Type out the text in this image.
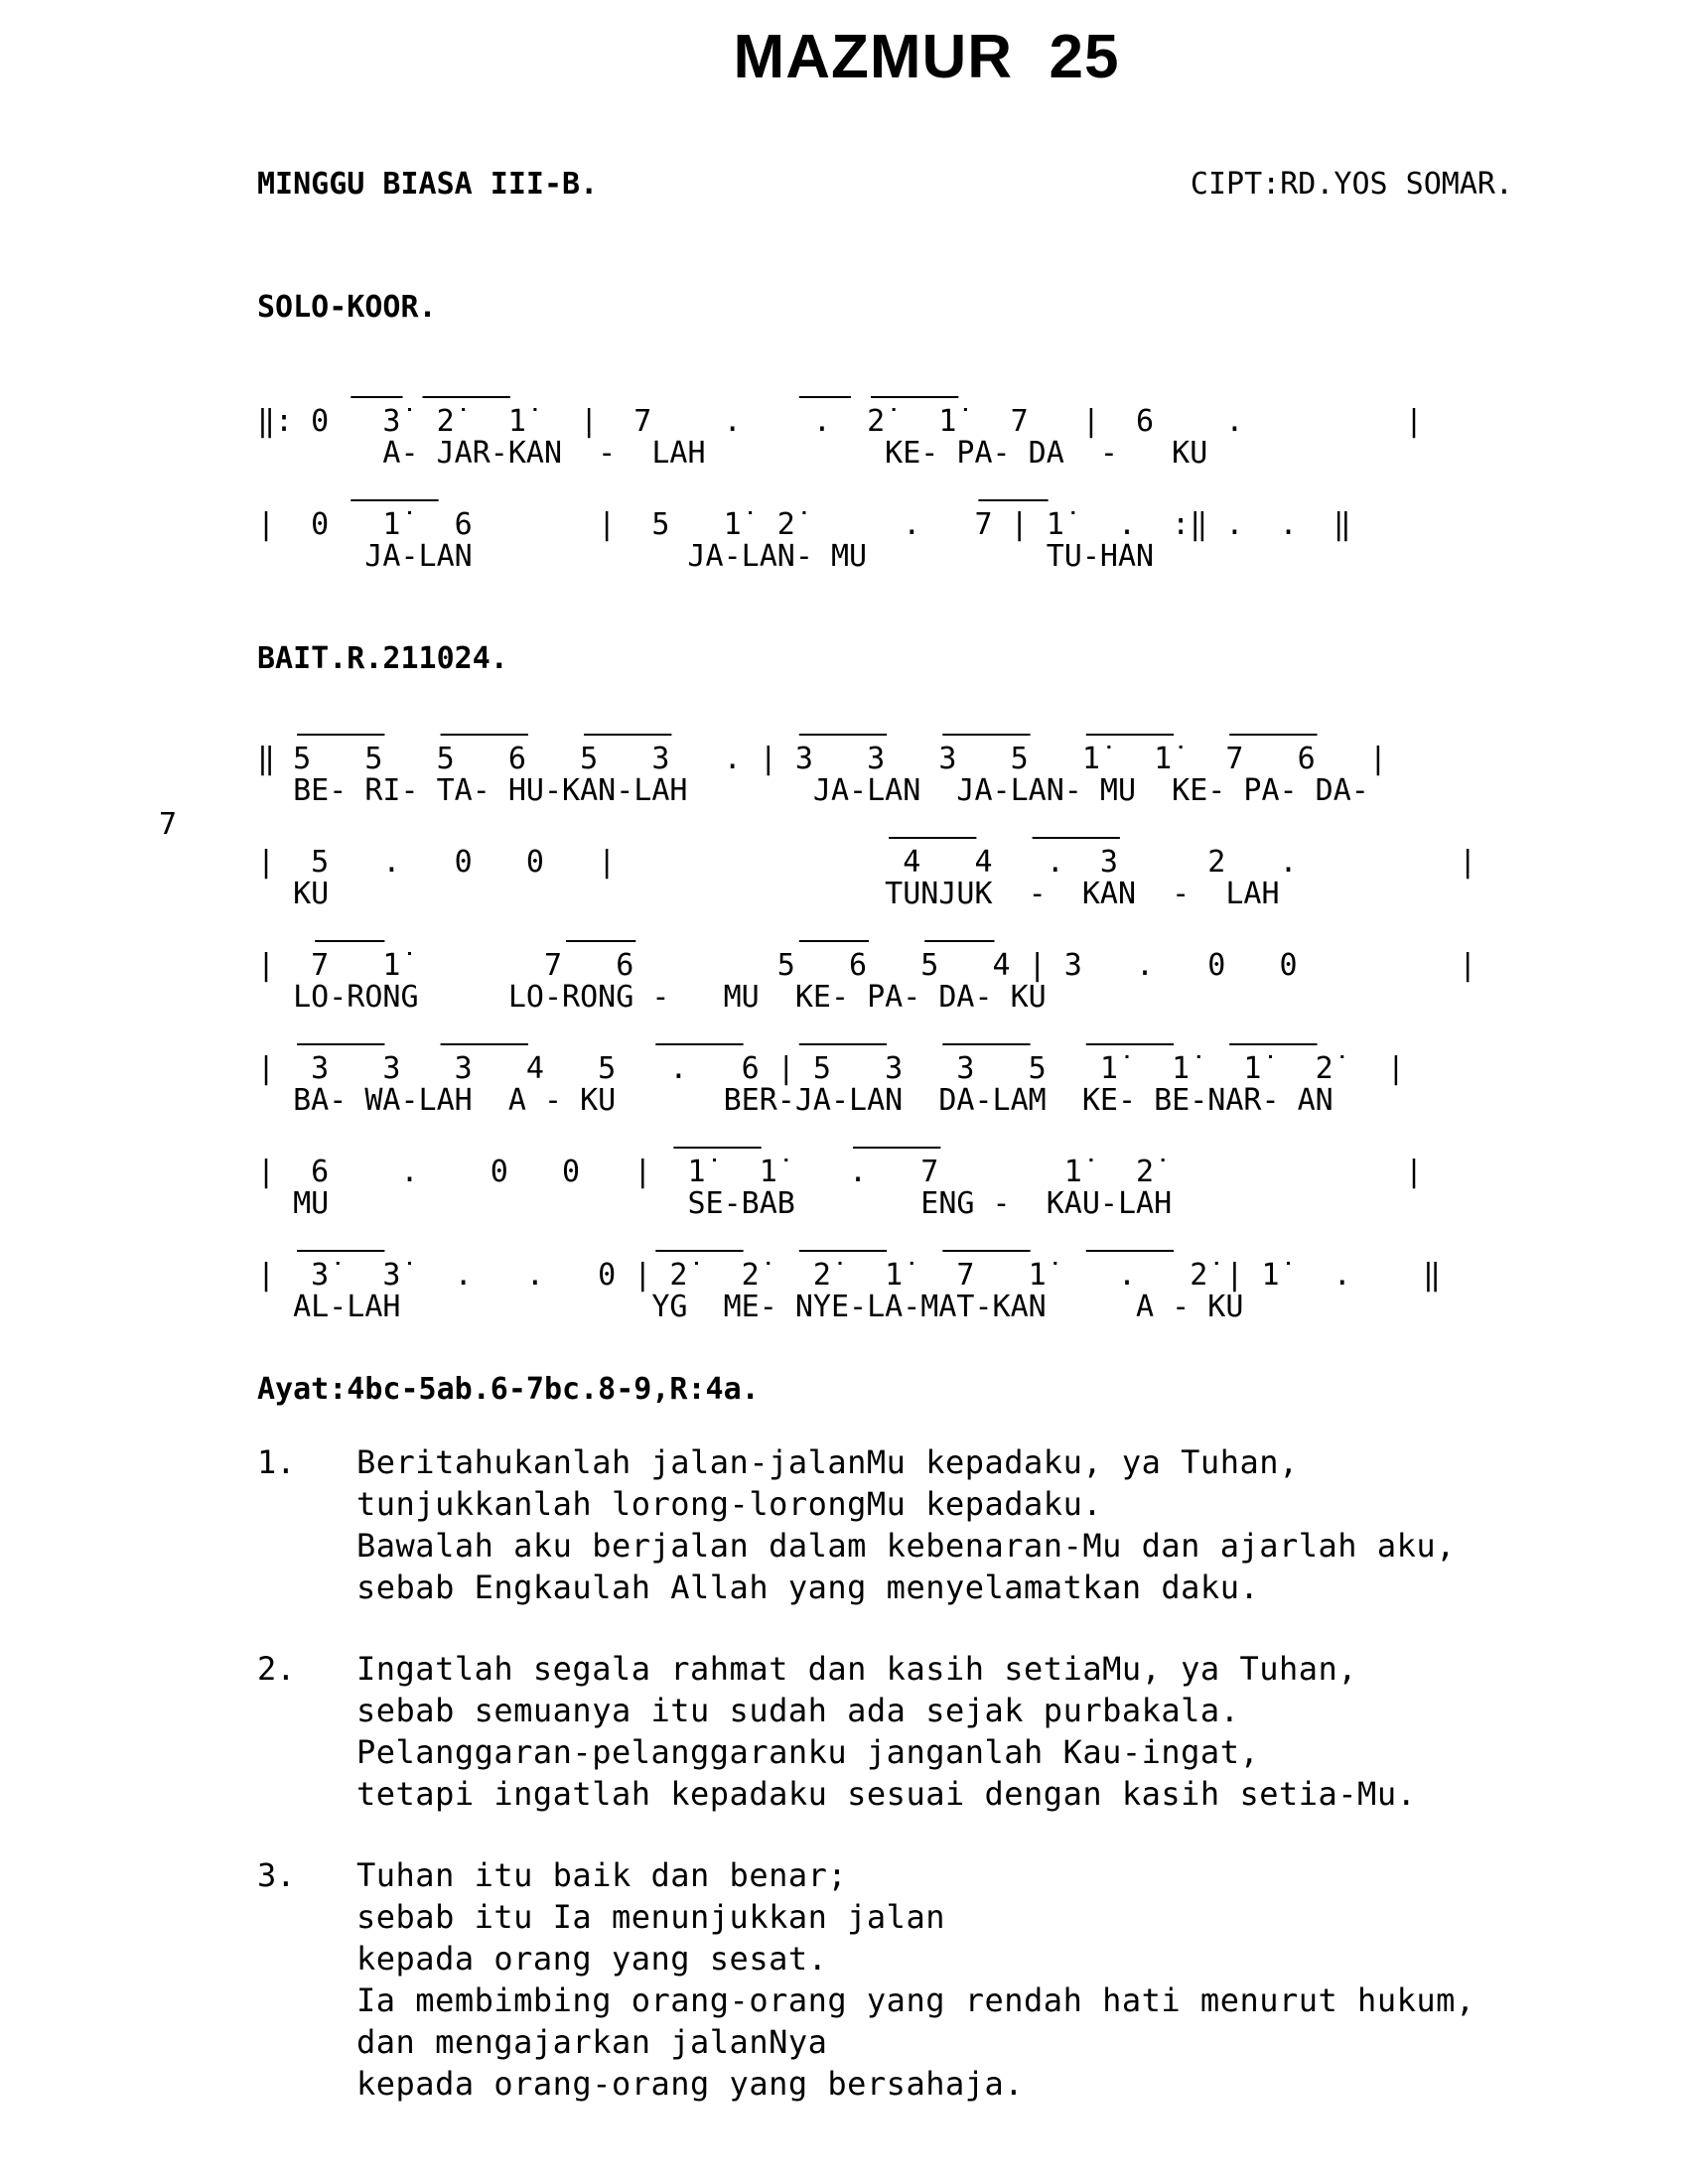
MAZMUR  25
MINGGU BIASA III-B.	CIPT:RD.YOS SOMAR.
SOLO-KOOR.
‖: 0   3̇  2̇   1̇   |  7    .    .  2̇   1̇   7   |  6    .         |
A- JAR-KAN  -  LAH          KE- PA- DA  -   KU
|  0   1̇   6       |  5   1̇  2̇      .   7 | 1̇   .  :‖ .  .  ‖
JA-LAN            JA-LAN- MU          TU-HAN
BAIT.R.211024.
7
‖ 5   5   5   6   5   3   . | 3   3   3   5   1̇   1̇   7   6   |
BE- RI- TA- HU-KAN-LAH       JA-LAN  JA-LAN- MU  KE- PA- DA-
|  5   .   0   0   |                4   4   .  3     2   .         |
KU                               TUNJUK  -  KAN  -  LAH
|  7   1̇        7   6        5   6   5   4 | 3   .   0   0         |
LO-RONG     LO-RONG -   MU  KE- PA- DA- KU
|  3   3   3   4   5   .   6 | 5   3   3   5   1̇   1̇   1̇   2̇   |
BA- WA-LAH  A - KU      BER-JA-LAN  DA-LAM  KE- BE-NAR- AN
|  6    .    0   0   |  1̇   1̇    .   7       1̇   2̇              |
MU                    SE-BAB       ENG -  KAU-LAH
|  3̇   3̇   .   .   0 | 2̇   2̇   2̇   1̇   7   1̇    .   2̇ | 1̇   .    ‖
AL-LAH              YG  ME- NYE-LA-MAT-KAN     A - KU
Ayat:4bc-5ab.6-7bc.8-9,R:4a.
1. Beritahukanlah jalan-jalanMu kepadaku, ya Tuhan,
tunjukkanlah lorong-lorongMu kepadaku.
Bawalah aku berjalan dalam kebenaran-Mu dan ajarlah aku,
sebab Engkaulah Allah yang menyelamatkan daku.
2. Ingatlah segala rahmat dan kasih setiaMu, ya Tuhan,
sebab semuanya itu sudah ada sejak purbakala.
Pelanggaran-pelanggaranku janganlah Kau-ingat,
tetapi ingatlah kepadaku sesuai dengan kasih setia-Mu.
3. Tuhan itu baik dan benar;
sebab itu Ia menunjukkan jalan
kepada orang yang sesat.
Ia membimbing orang-orang yang rendah hati menurut hukum,
dan mengajarkan jalanNya
kepada orang-orang yang bersahaja.
